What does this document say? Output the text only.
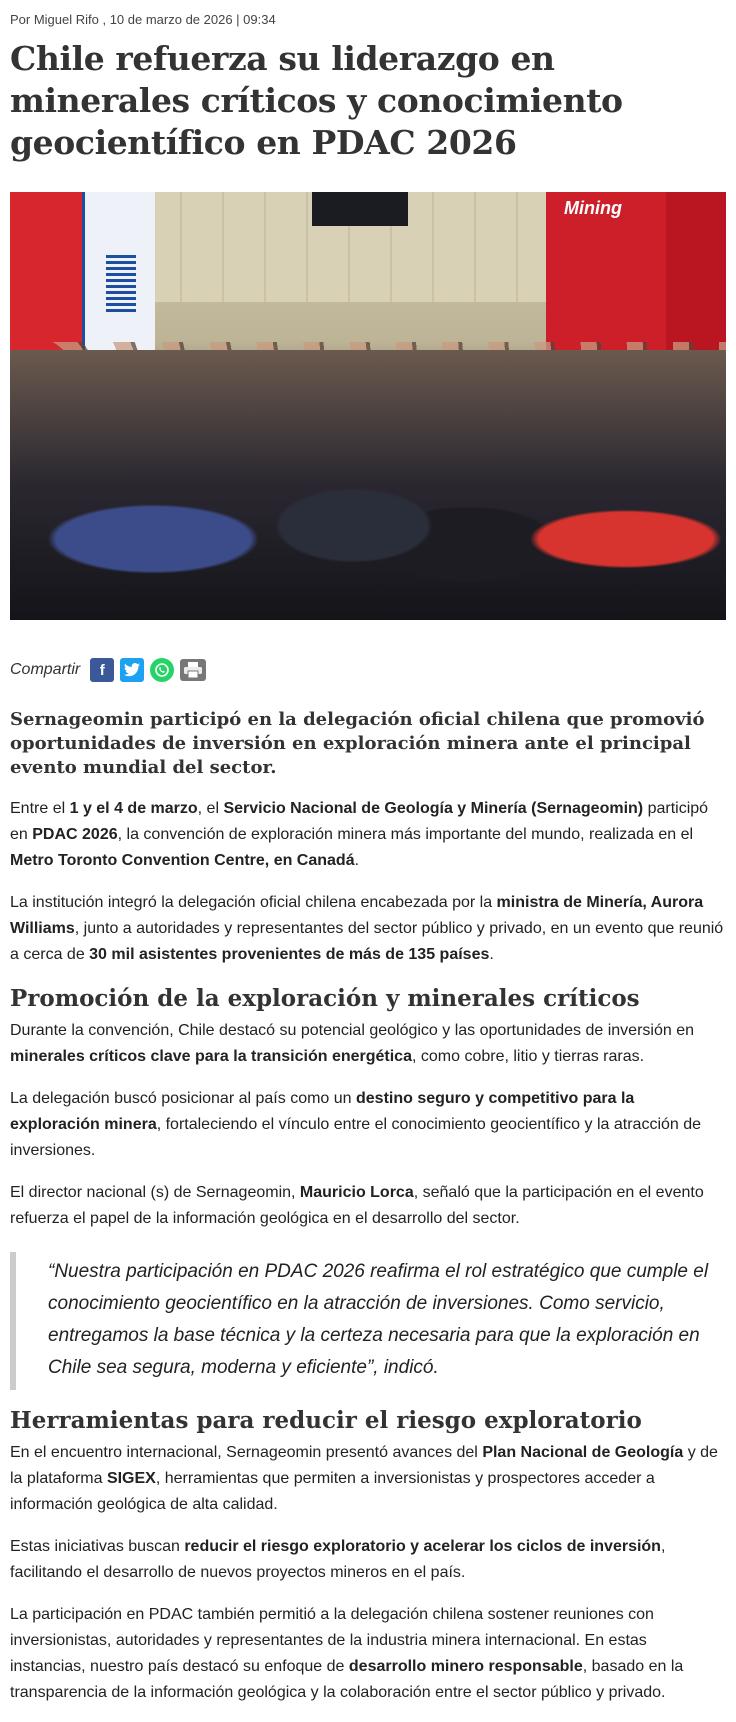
Por Miguel Rifo , 10 de marzo de 2026 | 09:34
Chile refuerza su liderazgo en minerales críticos y conocimiento geocientífico en PDAC 2026
Mining
Compartir	f
Sernageomin participó en la delegación oficial chilena que promovió oportunidades de inversión en exploración minera ante el principal evento mundial del sector.

Entre el 1 y el 4 de marzo, el Servicio Nacional de Geología y Minería (Sernageomin) participó en PDAC 2026, la convención de exploración minera más importante del mundo, realizada en el Metro Toronto Convention Centre, en Canadá.

La institución integró la delegación oficial chilena encabezada por la ministra de Minería, Aurora Williams, junto a autoridades y representantes del sector público y privado, en un evento que reunió a cerca de 30 mil asistentes provenientes de más de 135 países.

Promoción de la exploración y minerales críticos

Durante la convención, Chile destacó su potencial geológico y las oportunidades de inversión en minerales críticos clave para la transición energética, como cobre, litio y tierras raras.

La delegación buscó posicionar al país como un destino seguro y competitivo para la exploración minera, fortaleciendo el vínculo entre el conocimiento geocientífico y la atracción de inversiones.

El director nacional (s) de Sernageomin, Mauricio Lorca, señaló que la participación en el evento refuerza el papel de la información geológica en el desarrollo del sector.

“Nuestra participación en PDAC 2026 reafirma el rol estratégico que cumple el conocimiento geocientífico en la atracción de inversiones. Como servicio, entregamos la base técnica y la certeza necesaria para que la exploración en Chile sea segura, moderna y eficiente”, indicó.
Herramientas para reducir el riesgo exploratorio

En el encuentro internacional, Sernageomin presentó avances del Plan Nacional de Geología y de la plataforma SIGEX, herramientas que permiten a inversionistas y prospectores acceder a información geológica de alta calidad.

Estas iniciativas buscan reducir el riesgo exploratorio y acelerar los ciclos de inversión, facilitando el desarrollo de nuevos proyectos mineros en el país.

La participación en PDAC también permitió a la delegación chilena sostener reuniones con inversionistas, autoridades y representantes de la industria minera internacional. En estas instancias, nuestro país destacó su enfoque de desarrollo minero responsable, basado en la transparencia de la información geológica y la colaboración entre el sector público y privado.
